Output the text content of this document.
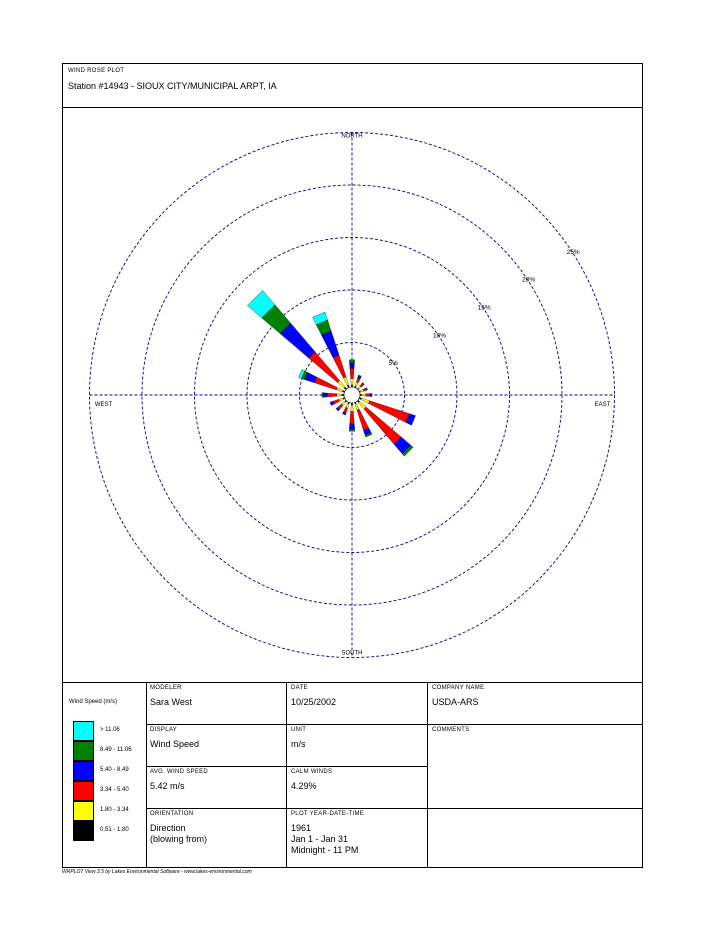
WIND ROSE PLOT
Station #14943 - SIOUX CITY/MUNICIPAL ARPT, IA
5%
10%
15%
20%
25%
NORTH
SOUTH
EAST
WEST
Wind Speed (m/s)
> 11.06
8.49 - 11.06
5.40 - 8.49
3.34 - 5.40
1.80 - 3.34
0.51 - 1.80
MODELER
Sara West
DATE
10/25/2002
COMPANY NAME
USDA-ARS
DISPLAY
Wind Speed
UNIT
m/s
COMMENTS
AVG. WIND SPEED
5.42 m/s
CALM WINDS
4.29%
ORIENTATION
Direction
(blowing from)
PLOT YEAR-DATE-TIME
1961
Jan 1 - Jan 31
Midnight - 11 PM
WRPLOT View 3.5 by Lakes Environmental Software - www.lakes-environmental.com
